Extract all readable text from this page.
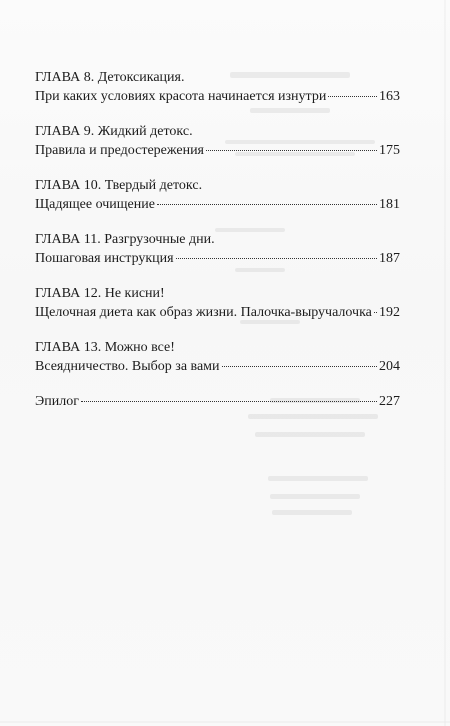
ГЛАВА 8. Детоксикация.
При каких условиях красота начинается изнутри	163
ГЛАВА 9. Жидкий детокс.
Правила и предостережения	175
ГЛАВА 10. Твердый детокс.
Щадящее очищение	181
ГЛАВА 11. Разгрузочные дни.
Пошаговая инструкция	187
ГЛАВА 12. Не кисни!
Щелочная диета как образ жизни. Палочка-выручалочка 192
ГЛАВА 13. Можно все!
Всеядничество. Выбор за вами	204
Эпилог	227
